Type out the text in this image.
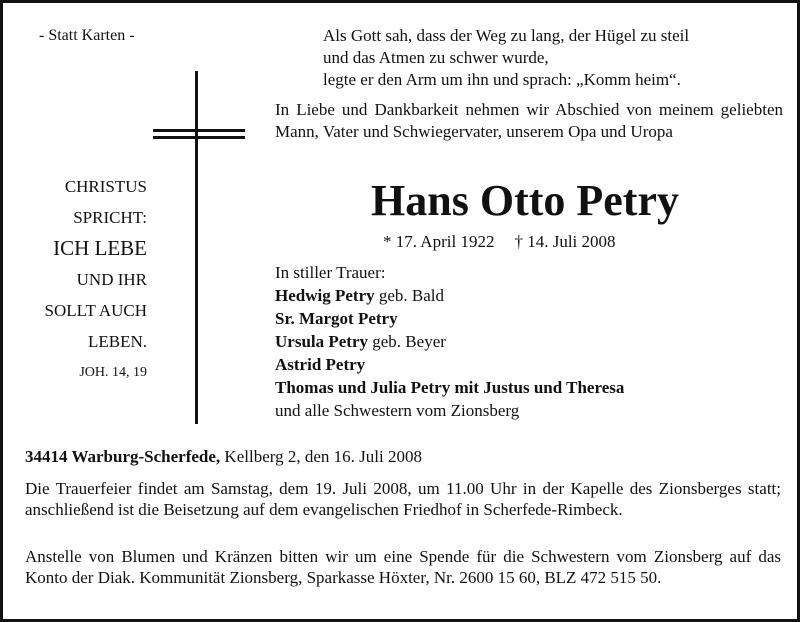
- Statt Karten -	Als Gott sah, dass der Weg zu lang, der Hügel zu steil
und das Atmen zu schwer wurde,
legte er den Arm um ihn und sprach: „Komm heim“.
In Liebe und Dankbarkeit nehmen wir Abschied von meinem geliebten Mann, Vater und Schwiegervater, unserem Opa und Uropa
CHRISTUS
SPRICHT:
ICH LEBE
UND IHR
SOLLT AUCH
LEBEN.
JOH. 14, 19
Hans Otto Petry
* 17. April 1922 † 14. Juli 2008
In stiller Trauer:
Hedwig Petry geb. Bald
Sr. Margot Petry
Ursula Petry geb. Beyer
Astrid Petry
Thomas und Julia Petry mit Justus und Theresa
und alle Schwestern vom Zionsberg
34414 Warburg-Scherfede, Kellberg 2, den 16. Juli 2008
Die Trauerfeier findet am Samstag, dem 19. Juli 2008, um 11.00 Uhr in der Kapelle des Zionsberges statt; anschließend ist die Beisetzung auf dem evangelischen Friedhof in Scherfede-Rimbeck.
Anstelle von Blumen und Kränzen bitten wir um eine Spende für die Schwestern vom Zionsberg auf das Konto der Diak. Kommunität Zionsberg, Sparkasse Höxter, Nr. 2600 15 60, BLZ 472 515 50.
